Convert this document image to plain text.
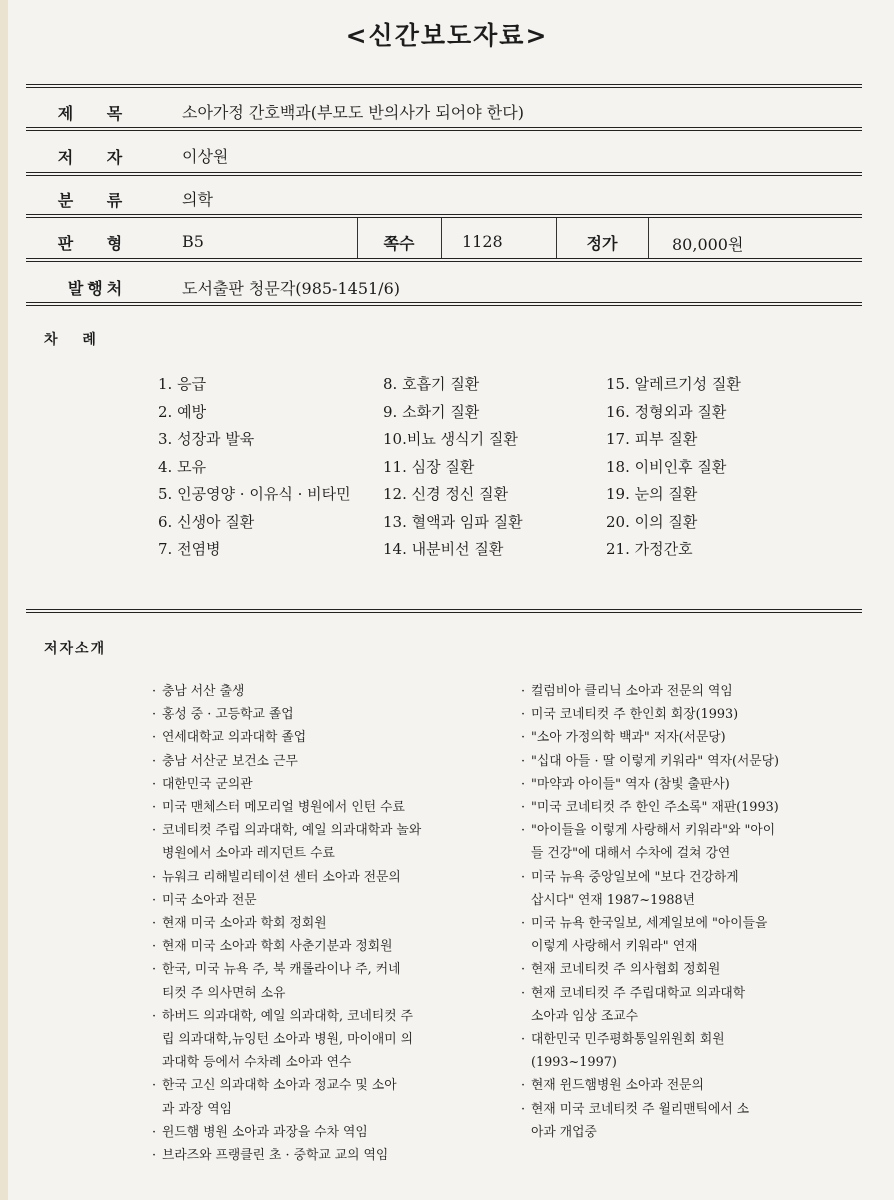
<신간보도자료>
제 목	소아가정 간호백과(부모도 반의사가 되어야 한다)
저 자	이상원
분 류	의학
판 형	B5	쪽수	1128	정가	80,000원
발행처	도서출판 청문각(985-1451/6)
차 례
1. 응급
2. 예방
3. 성장과 발육
4. 모유
5. 인공영양 · 이유식 · 비타민
6. 신생아 질환
7. 전염병
8. 호흡기 질환
9. 소화기 질환
10.비뇨 생식기 질환
11. 심장 질환
12. 신경 정신 질환
13. 혈액과 임파 질환
14. 내분비선 질환
15. 알레르기성 질환
16. 정형외과 질환
17. 피부 질환
18. 이비인후 질환
19. 눈의 질환
20. 이의 질환
21. 가정간호
저자소개
· 충남 서산 출생
· 홍성 중 · 고등학교 졸업
· 연세대학교 의과대학 졸업
· 충남 서산군 보건소 근무
· 대한민국 군의관
· 미국 맨체스터 메모리얼 병원에서 인턴 수료
· 코네티컷 주립 의과대학, 예일 의과대학과 놀와 병원에서 소아과 레지던트 수료
· 뉴워크 리해빌리테이션 센터 소아과 전문의
· 미국 소아과 전문
· 현재 미국 소아과 학회 정회원
· 현재 미국 소아과 학회 사춘기분과 정회원
· 한국, 미국 뉴욕 주, 북 캐롤라이나 주, 커네티컷 주 의사면허 소유
· 하버드 의과대학, 예일 의과대학, 코네티컷 주립 의과대학,뉴잉턴 소아과 병원, 마이애미 의과대학 등에서 수차례 소아과 연수
· 한국 고신 의과대학 소아과 정교수 및 소아과 과장 역임
· 윈드햄 병원 소아과 과장을 수차 역임
· 브라즈와 프랭클린 초 · 중학교 교의 역임
· 컬럼비아 클리닉 소아과 전문의 역임
· 미국 코네티컷 주 한인회 회장(1993)
· "소아 가정의학 백과" 저자(서문당)
· "십대 아들 · 딸 이렇게 키워라" 역자(서문당)
· "마약과 아이들" 역자 (참빛 출판사)
· "미국 코네티컷 주 한인 주소록" 재판(1993)
· "아이들을 이렇게 사랑해서 키워라"와 "아이들 건강"에 대해서 수차에 걸쳐 강연
· 미국 뉴욕 중앙일보에 "보다 건강하게 삽시다" 연재 1987~1988년
· 미국 뉴욕 한국일보, 세계일보에 "아이들을 이렇게 사랑해서 키워라" 연재
· 현재 코네티컷 주 의사협회 정회원
· 현재 코네티컷 주 주립대학교 의과대학 소아과 임상 조교수
· 대한민국 민주평화통일위원회 회원(1993~1997)
· 현재 윈드햄병원 소아과 전문의
· 현재 미국 코네티컷 주 윌리맨틱에서 소아과 개업중
